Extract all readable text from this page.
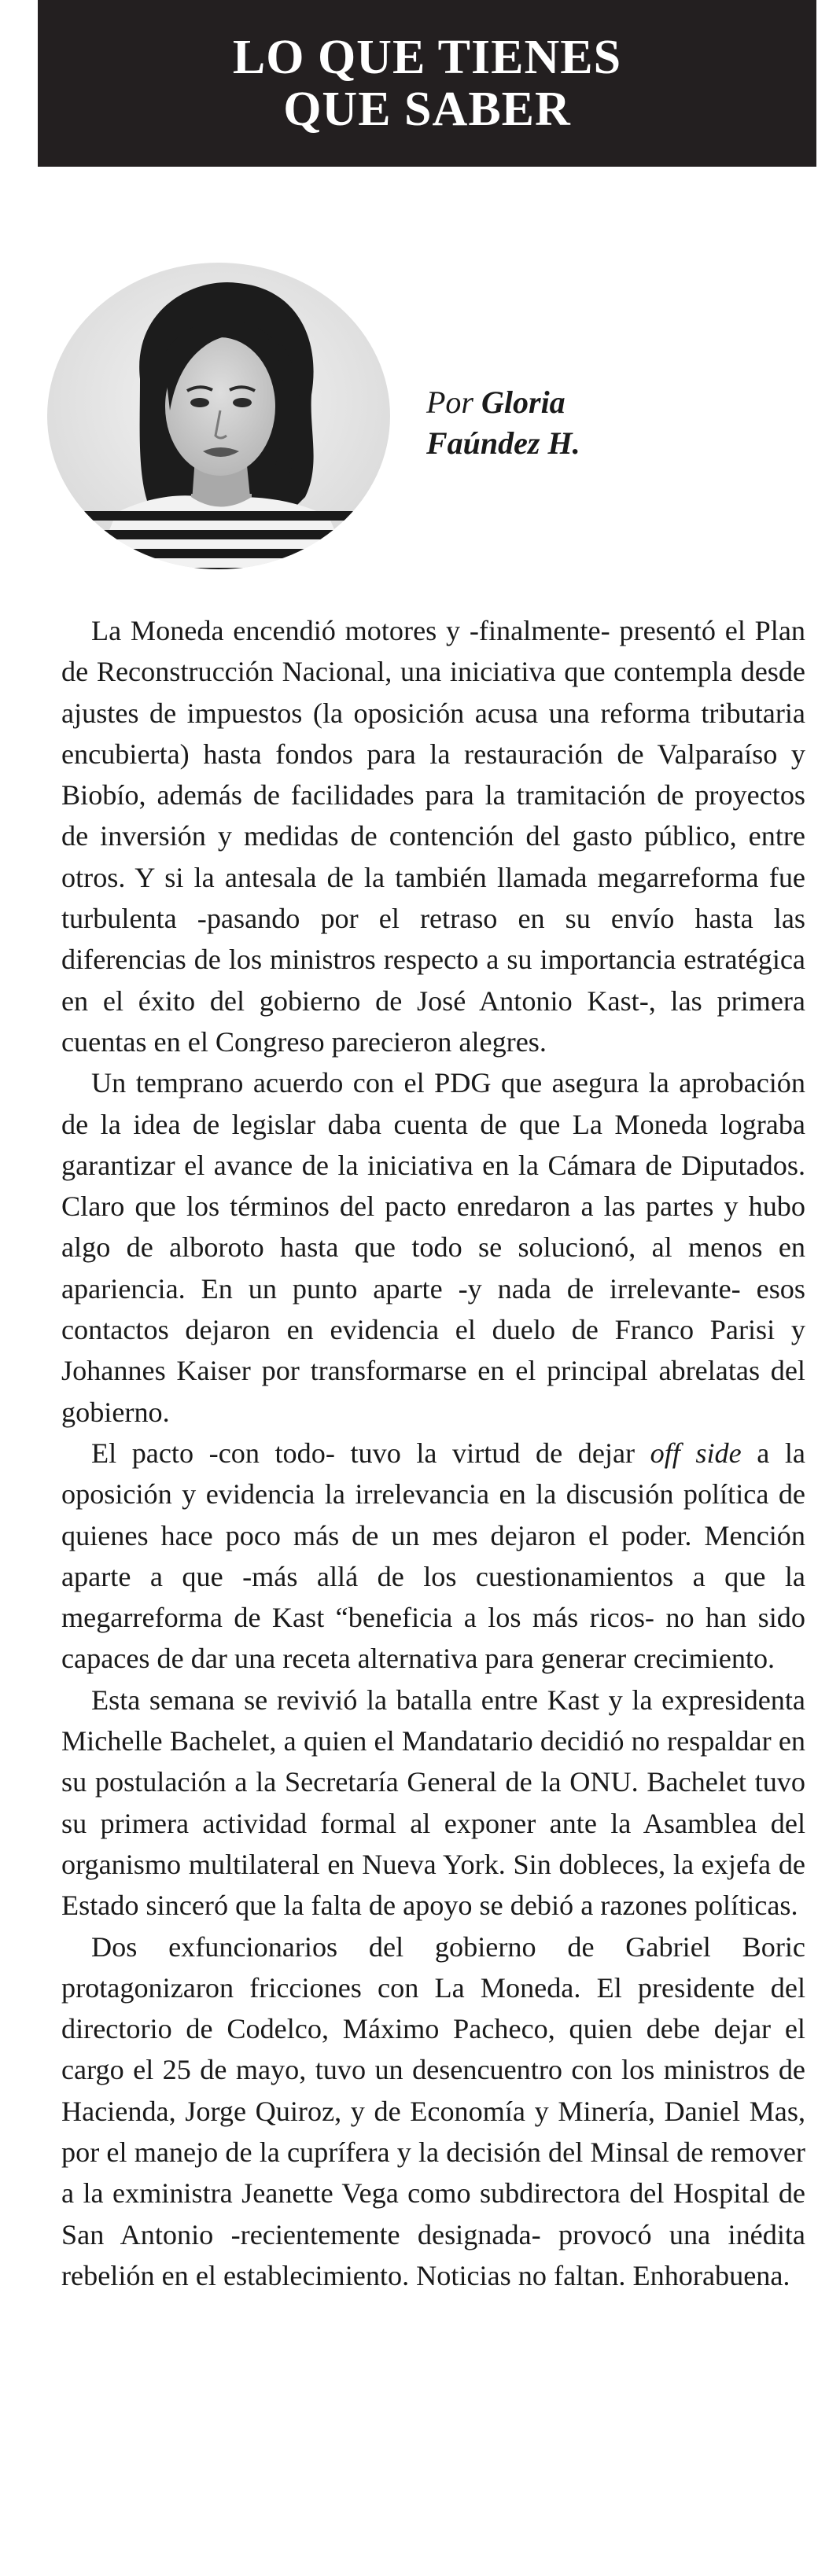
LO QUE TIENES
QUE SABER
Por Gloria
Faúndez H.

La Moneda encendió motores y -finalmente- presentó el Plan de Reconstrucción Nacional, una iniciativa que contempla desde ajustes de impuestos (la oposición acusa una reforma tributaria encubierta) hasta fondos para la restauración de Valparaíso y Biobío, además de facilidades para la tramitación de proyectos de inversión y medidas de contención del gasto público, entre otros. Y si la antesala de la también llamada megarreforma fue turbulenta -pasando por el retraso en su envío hasta las diferencias de los ministros respecto a su importancia estratégica en el éxito del gobierno de José Antonio Kast-, las primera cuentas en el Congreso parecieron alegres.

Un temprano acuerdo con el PDG que asegura la aprobación de la idea de legislar daba cuenta de que La Moneda lograba garantizar el avance de la iniciativa en la Cámara de Diputados. Claro que los términos del pacto enredaron a las partes y hubo algo de alboroto hasta que todo se solucionó, al menos en apariencia. En un punto aparte -y nada de irrelevante- esos contactos dejaron en evidencia el duelo de Franco Parisi y Johannes Kaiser por transformarse en el principal abrelatas del gobierno.

El pacto -con todo- tuvo la virtud de dejar off side a la oposición y evidencia la irrelevancia en la discusión política de quienes hace poco más de un mes dejaron el poder. Mención aparte a que -más allá de los cuestionamientos a que la megarreforma de Kast “beneficia a los más ricos- no han sido capaces de dar una receta alternativa para generar crecimiento.

Esta semana se revivió la batalla entre Kast y la expresidenta Michelle Bachelet, a quien el Mandatario decidió no respaldar en su postulación a la Secretaría General de la ONU. Bachelet tuvo su primera actividad formal al exponer ante la Asamblea del organismo multilateral en Nueva York. Sin dobleces, la exjefa de Estado sinceró que la falta de apoyo se debió a razones políticas.

Dos exfuncionarios del gobierno de Gabriel Boric protagonizaron fricciones con La Moneda. El presidente del directorio de Codelco, Máximo Pacheco, quien debe dejar el cargo el 25 de mayo, tuvo un desencuentro con los ministros de Hacienda, Jorge Quiroz, y de Economía y Minería, Daniel Mas, por el manejo de la cuprífera y la decisión del Minsal de remover a la exministra Jeanette Vega como subdirectora del Hospital de San Antonio -recientemente designada- provocó una inédita rebelión en el establecimiento. Noticias no faltan. Enhorabuena.
